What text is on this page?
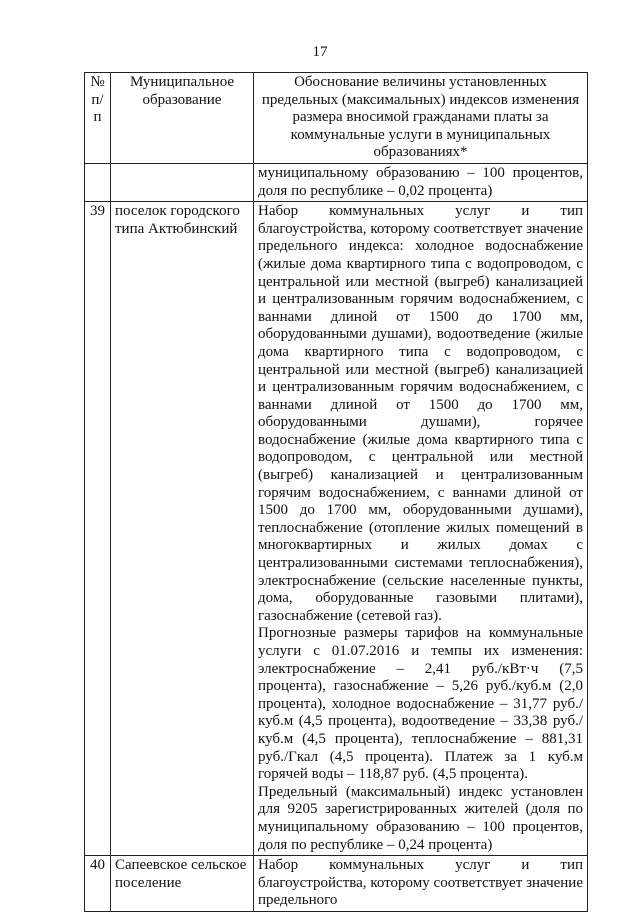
17
№ п/п	Муниципальное образование	Обоснование величины установленных предельных (максимальных) индексов изменения размера вносимой гражданами платы за коммунальные услуги в муниципальных образованиях*

		муниципальному образованию – 100 процентов, доля по республике – 0,02 процента)

39	поселок городского типа Актюбинский	Набор коммунальных услуг и тип благоустройства, которому соответствует значение предельного индекса: холодное водоснабжение (жилые дома квартирного типа с водопроводом, с центральной или местной (выгреб) канализацией и централизованным горячим водоснабжением, с ваннами длиной от 1500 до 1700 мм, оборудованными душами), водоотведение (жилые дома квартирного типа с водопроводом, с центральной или местной (выгреб) канализацией и централизованным горячим водоснабжением, с ваннами длиной от 1500 до 1700 мм, оборудованными душами), горячее водоснабжение (жилые дома квартирного типа с водопроводом, с центральной или местной (выгреб) канализацией и централизованным горячим водоснабжением, с ваннами длиной от 1500 до 1700 мм, оборудованными душами), теплоснабжение (отопление жилых помещений в многоквартирных и жилых домах с централизованными системами теплоснабжения), электроснабжение (сельские населенные пункты, дома, оборудованные газовыми плитами), газоснабжение (сетевой газ).

Прогнозные размеры тарифов на коммунальные услуги с 01.07.2016 и темпы их изменения: электроснабжение – 2,41 руб./кВт·ч (7,5 процента), газоснабжение – 5,26 руб./куб.м (2,0 процента), холодное водоснабжение – 31,77 руб./куб.м (4,5 процента), водоотведение – 33,38 руб./куб.м (4,5 процента), теплоснабжение – 881,31 руб./Гкал (4,5 процента). Платеж за 1 куб.м горячей воды – 118,87 руб. (4,5 процента).

Предельный (максимальный) индекс установлен для 9205 зарегистрированных жителей (доля по муниципальному образованию – 100 процентов, доля по республике – 0,24 процента)

40	Сапеевское сельское поселение	Набор коммунальных услуг и тип благоустройства, которому соответствует значение предельного
